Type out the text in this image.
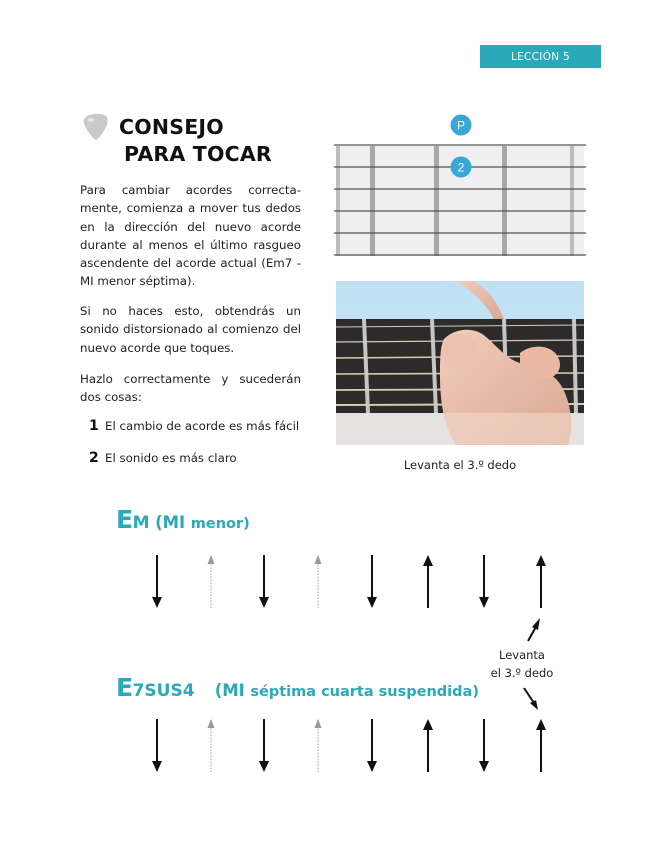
LECCIÓN 5
CONSEJO
PARA TOCAR
Para cambiar acordes correcta-mente, comienza a mover tus dedos en la dirección del nuevo acorde durante al menos el último rasgueo ascendente del acorde actual (Em7 - MI menor séptima).
Si no haces esto, obtendrás un sonido distorsionado al comienzo del nuevo acorde que toques.
Hazlo correctamente y sucederán dos cosas:
1 El cambio de acorde es más fácil
2 El sonido es más claro
P
2
Levanta el 3.º dedo
EM (MI menor)
E7SUS4 (MI séptima cuarta suspendida)
Levanta
el 3.º dedo
